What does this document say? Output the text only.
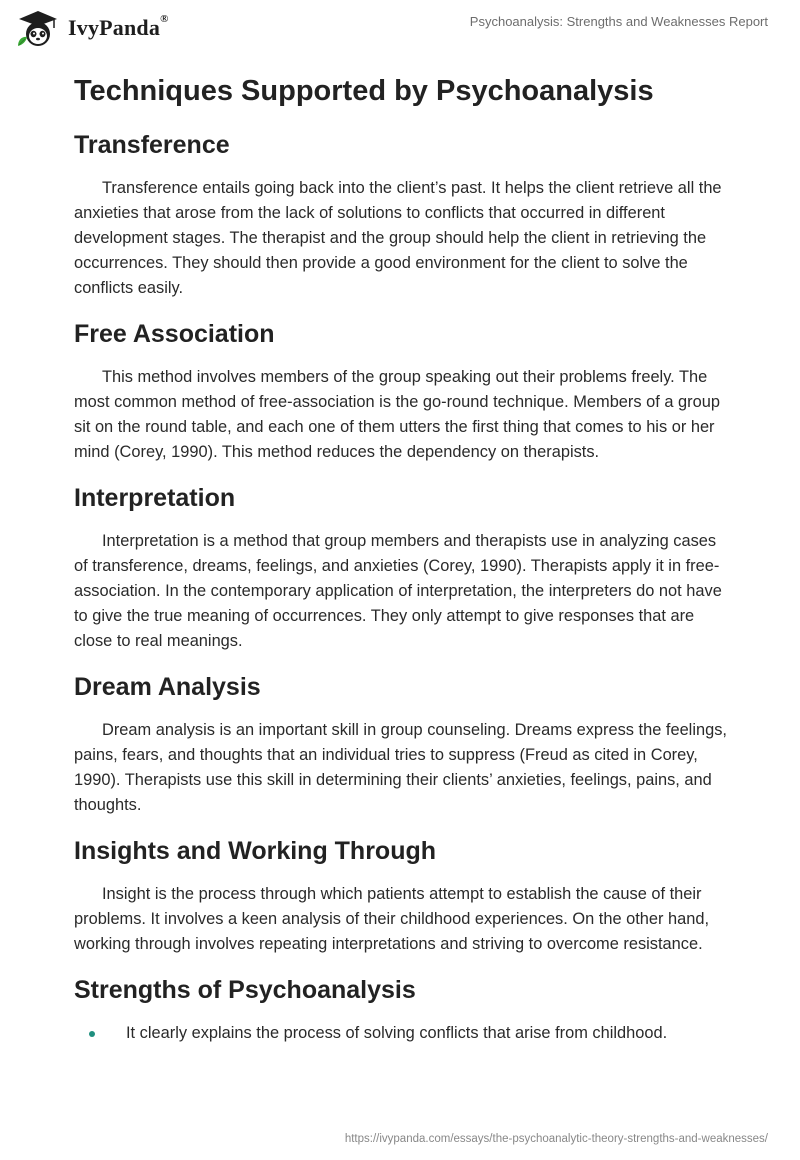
IvyPanda®	Psychoanalysis: Strengths and Weaknesses Report
Techniques Supported by Psychoanalysis
Transference

Transference entails going back into the client’s past. It helps the client retrieve all the anxieties that arose from the lack of solutions to conflicts that occurred in different development stages. The therapist and the group should help the client in retrieving the occurrences. They should then provide a good environment for the client to solve the conflicts easily.

Free Association

This method involves members of the group speaking out their problems freely. The most common method of free-association is the go-round technique. Members of a group sit on the round table, and each one of them utters the first thing that comes to his or her mind (Corey, 1990). This method reduces the dependency on therapists.

Interpretation

Interpretation is a method that group members and therapists use in analyzing cases of transference, dreams, feelings, and anxieties (Corey, 1990). Therapists apply it in free-association. In the contemporary application of interpretation, the interpreters do not have to give the true meaning of occurrences. They only attempt to give responses that are close to real meanings.

Dream Analysis

Dream analysis is an important skill in group counseling. Dreams express the feelings, pains, fears, and thoughts that an individual tries to suppress (Freud as cited in Corey, 1990). Therapists use this skill in determining their clients’ anxieties, feelings, pains, and thoughts.

Insights and Working Through

Insight is the process through which patients attempt to establish the cause of their problems. It involves a keen analysis of their childhood experiences. On the other hand, working through involves repeating interpretations and striving to overcome resistance.

Strengths of Psychoanalysis
It clearly explains the process of solving conflicts that arise from childhood.
https://ivypanda.com/essays/the-psychoanalytic-theory-strengths-and-weaknesses/
